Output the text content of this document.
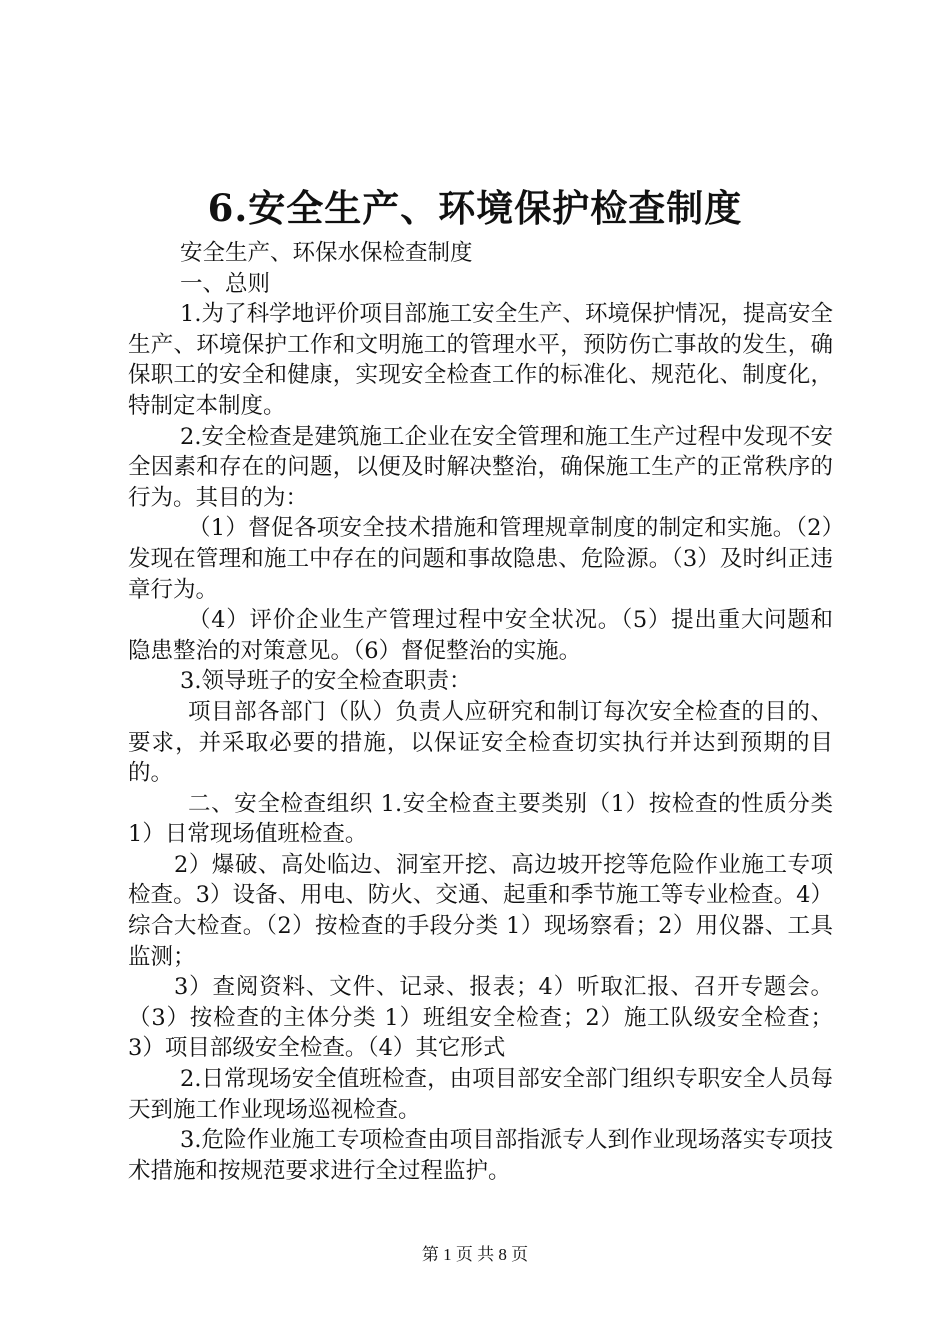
6.安全生产、环境保护检查制度

安全生产、环保水保检查制度

一、总则

1.为了科学地评价项目部施工安全生产、环境保护情况，提高安全生产、环境保护工作和文明施工的管理水平，预防伤亡事故的发生，确保职工的安全和健康，实现安全检查工作的标准化、规范化、制度化，特制定本制度。

2.安全检查是建筑施工企业在安全管理和施工生产过程中发现不安全因素和存在的问题，以便及时解决整治，确保施工生产的正常秩序的行为。其目的为：

（1）督促各项安全技术措施和管理规章制度的制定和实施。（2）发现在管理和施工中存在的问题和事故隐患、危险源。（3）及时纠正违章行为。

（4）评价企业生产管理过程中安全状况。（5）提出重大问题和隐患整治的对策意见。（6）督促整治的实施。

3.领导班子的安全检查职责：

项目部各部门（队）负责人应研究和制订每次安全检查的目的、要求，并采取必要的措施，以保证安全检查切实执行并达到预期的目的。

二、安全检查组织 1.安全检查主要类别（1）按检查的性质分类 1）日常现场值班检查。

2）爆破、高处临边、洞室开挖、高边坡开挖等危险作业施工专项检查。3）设备、用电、防火、交通、起重和季节施工等专业检查。4）综合大检查。（2）按检查的手段分类 1）现场察看；2）用仪器、工具监测；

3）查阅资料、文件、记录、报表；4）听取汇报、召开专题会。（3）按检查的主体分类 1）班组安全检查；2）施工队级安全检查；3）项目部级安全检查。（4）其它形式

2.日常现场安全值班检查，由项目部安全部门组织专职安全人员每天到施工作业现场巡视检查。

3.危险作业施工专项检查由项目部指派专人到作业现场落实专项技术措施和按规范要求进行全过程监护。

第 1 页 共 8 页
